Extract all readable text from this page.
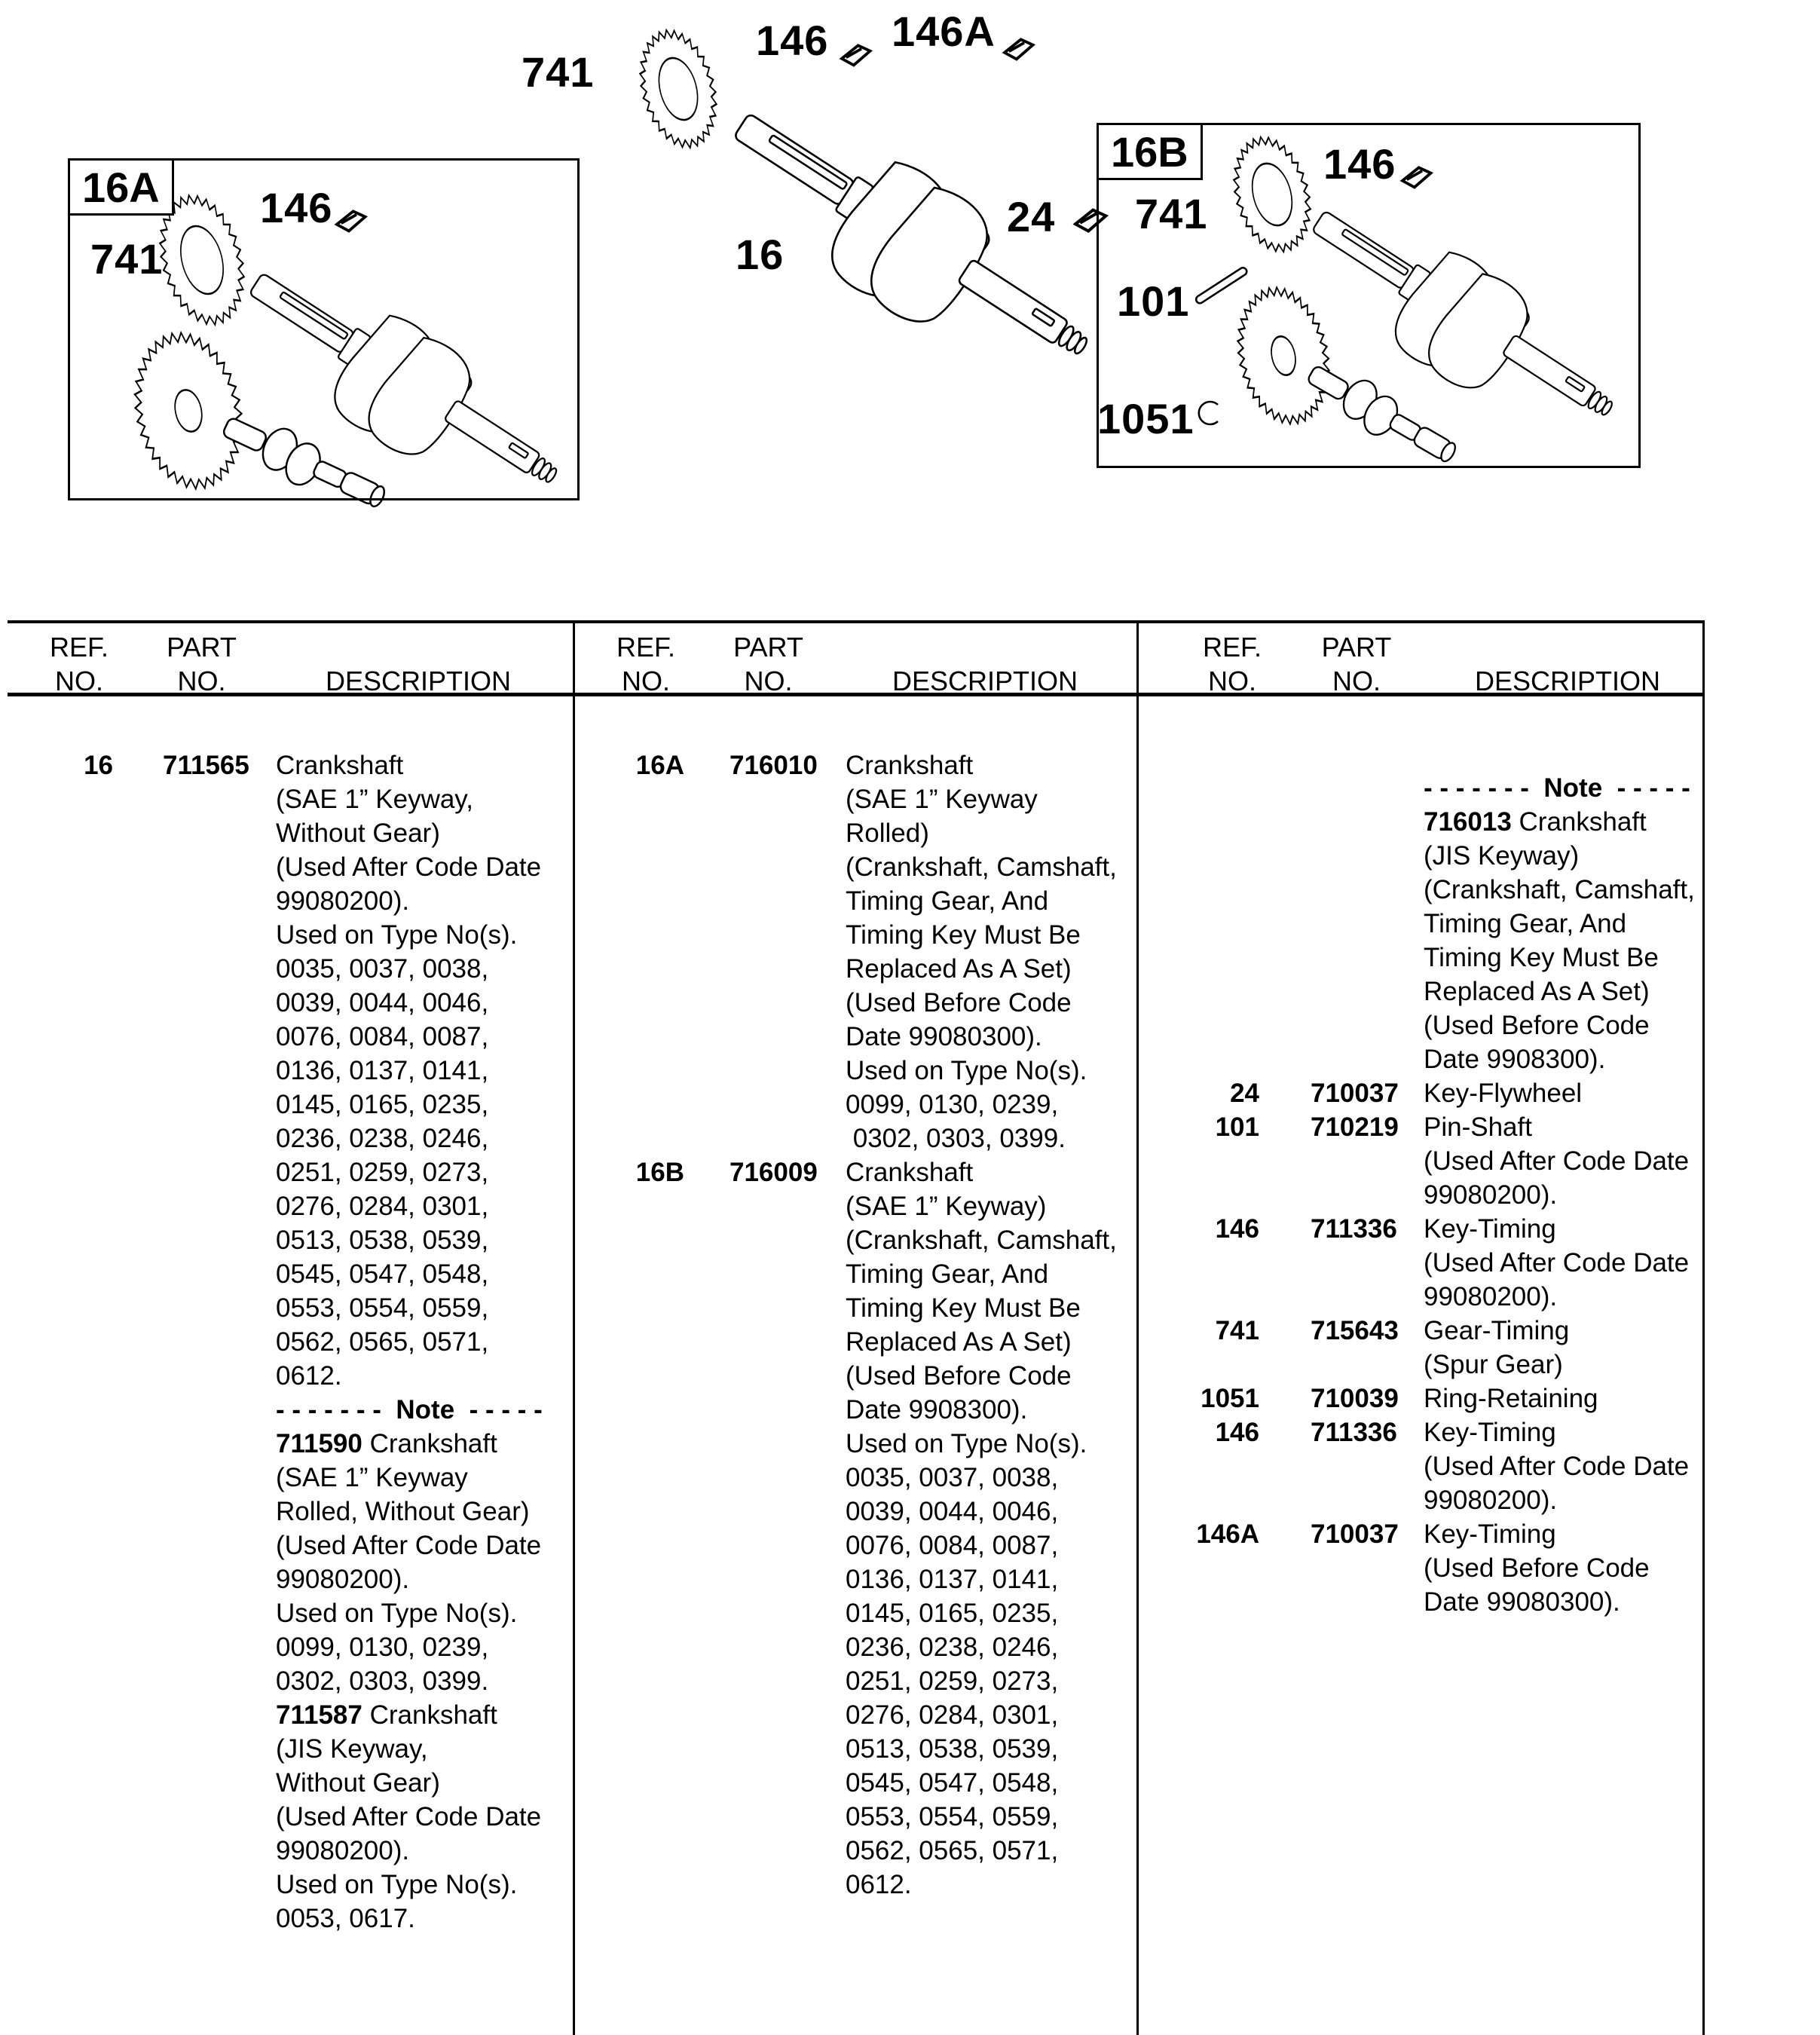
16A
16B
741
146
741
146 146A
16
24 741
146
101
1051
REF.
NO.
PART
NO.	DESCRIPTION
REF.
NO.
PART
NO.	DESCRIPTION
REF.
NO.
PART
NO.	DESCRIPTION
16	711565	Crankshaft
(SAE 1” Keyway,
Without Gear)
(Used After Code Date
99080200).
Used on Type No(s).
0035, 0037, 0038,
0039, 0044, 0046,
0076, 0084, 0087,
0136, 0137, 0141,
0145, 0165, 0235,
0236, 0238, 0246,
0251, 0259, 0273,
0276, 0284, 0301,
0513, 0538, 0539,
0545, 0547, 0548,
0553, 0554, 0559,
0562, 0565, 0571,
0612.
- - - - - - -  Note  - - - - -
711590 Crankshaft
(SAE 1” Keyway
Rolled, Without Gear)
(Used After Code Date
99080200).
Used on Type No(s).
0099, 0130, 0239,
0302, 0303, 0399.
711587 Crankshaft
(JIS Keyway,
Without Gear)
(Used After Code Date
99080200).
Used on Type No(s).
0053, 0617.
16A	716010	Crankshaft
(SAE 1” Keyway
Rolled)
(Crankshaft, Camshaft,
Timing Gear, And
Timing Key Must Be
Replaced As A Set)
(Used Before Code
Date 99080300).
Used on Type No(s).
0099, 0130, 0239,
0302, 0303, 0399.
16B	716009	Crankshaft
(SAE 1” Keyway)
(Crankshaft, Camshaft,
Timing Gear, And
Timing Key Must Be
Replaced As A Set)
(Used Before Code
Date 9908300).
Used on Type No(s).
0035, 0037, 0038,
0039, 0044, 0046,
0076, 0084, 0087,
0136, 0137, 0141,
0145, 0165, 0235,
0236, 0238, 0246,
0251, 0259, 0273,
0276, 0284, 0301,
0513, 0538, 0539,
0545, 0547, 0548,
0553, 0554, 0559,
0562, 0565, 0571,
0612.
- - - - - - -  Note  - - - - -
716013 Crankshaft
(JIS Keyway)
(Crankshaft, Camshaft,
Timing Gear, And
Timing Key Must Be
Replaced As A Set)
(Used Before Code
Date 9908300).
24	710037 Key-Flywheel
101	710219 Pin-Shaft
(Used After Code Date
99080200).
146	711336	Key-Timing
(Used After Code Date
99080200).
741	715643 Gear-Timing
(Spur Gear)
1051	710039 Ring-Retaining
146	711336	Key-Timing
(Used After Code Date
99080200).
146A	710037 Key-Timing
(Used Before Code
Date 99080300).
